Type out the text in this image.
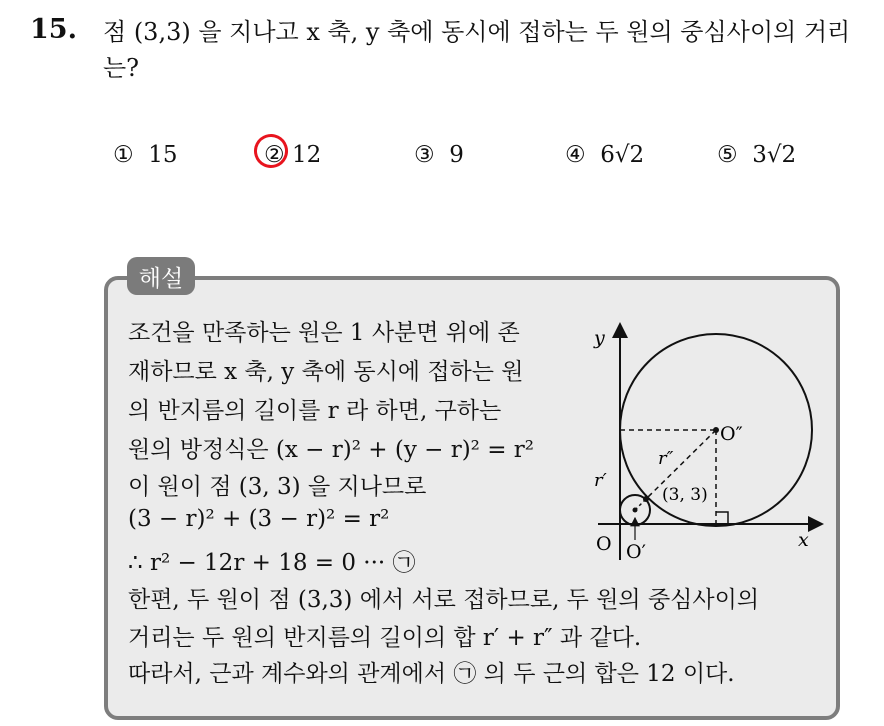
15. 점 (3,3) 을 지나고 x 축, y 축에 동시에 접하는 두 원의 중심사이의 거리는?
① 15	② 12	③ 9	④ 6√2	⑤ 3√2
해설
조건을 만족하는 원은 1 사분면 위에 존
재하므로 x 축, y 축에 동시에 접하는 원
의 반지름의 길이를 r 라 하면, 구하는
원의 방정식은 (x − r)² + (y − r)² = r²
이 원이 점 (3, 3) 을 지나므로
(3 − r)² + (3 − r)² = r²
∴ r² − 12r + 18 = 0 ··· ㉠
한편, 두 원이 점 (3,3) 에서 서로 접하므로, 두 원의 중심사이의
거리는 두 원의 반지름의 길이의 합 r′ + r″ 과 같다.
따라서, 근과 계수와의 관계에서 ㉠ 의 두 근의 합은 12 이다.
y
x
O O′
O″
r′
r″
(3, 3)
